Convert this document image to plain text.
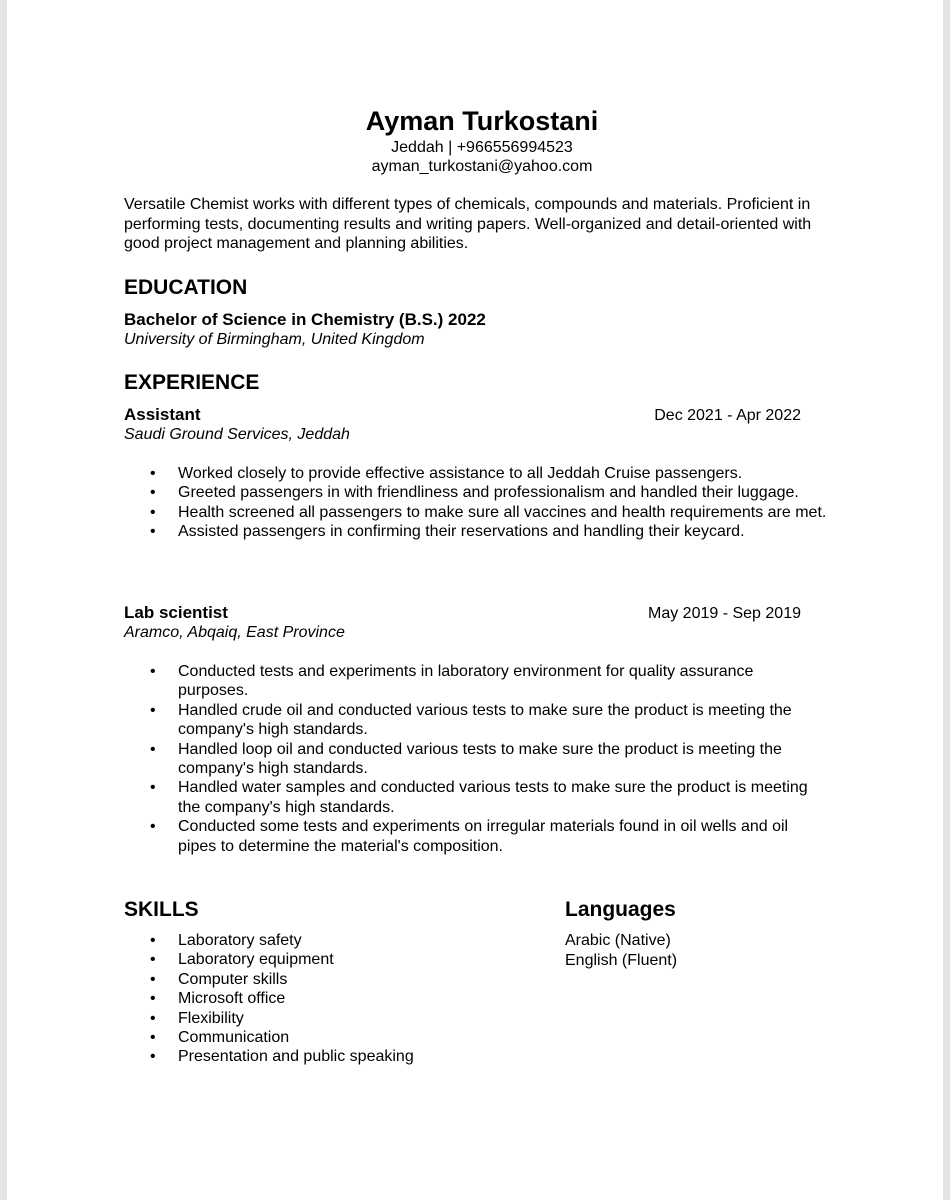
Ayman Turkostani
Jeddah | +966556994523
ayman_turkostani@yahoo.com
Versatile Chemist works with different types of chemicals, compounds and materials. Proficient in performing tests, documenting results and writing papers. Well-organized and detail-oriented with good project management and planning abilities.
EDUCATION
Bachelor of Science in Chemistry (B.S.) 2022
University of Birmingham, United Kingdom
EXPERIENCE
Assistant	Dec 2021 - Apr 2022
Saudi Ground Services, Jeddah
• Worked closely to provide effective assistance to all Jeddah Cruise passengers.
• Greeted passengers in with friendliness and professionalism and handled their luggage.
• Health screened all passengers to make sure all vaccines and health requirements are met.
• Assisted passengers in confirming their reservations and handling their keycard.
Lab scientist	May 2019 - Sep 2019
Aramco, Abqaiq, East Province
• Conducted tests and experiments in laboratory environment for quality assurance purposes.
• Handled crude oil and conducted various tests to make sure the product is meeting the company's high standards.
• Handled loop oil and conducted various tests to make sure the product is meeting the company's high standards.
• Handled water samples and conducted various tests to make sure the product is meeting the company's high standards.
• Conducted some tests and experiments on irregular materials found in oil wells and oil pipes to determine the material's composition.
SKILLS
• Laboratory safety
• Laboratory equipment
• Computer skills
• Microsoft office
• Flexibility
• Communication
• Presentation and public speaking
Languages
Arabic (Native)
English (Fluent)
